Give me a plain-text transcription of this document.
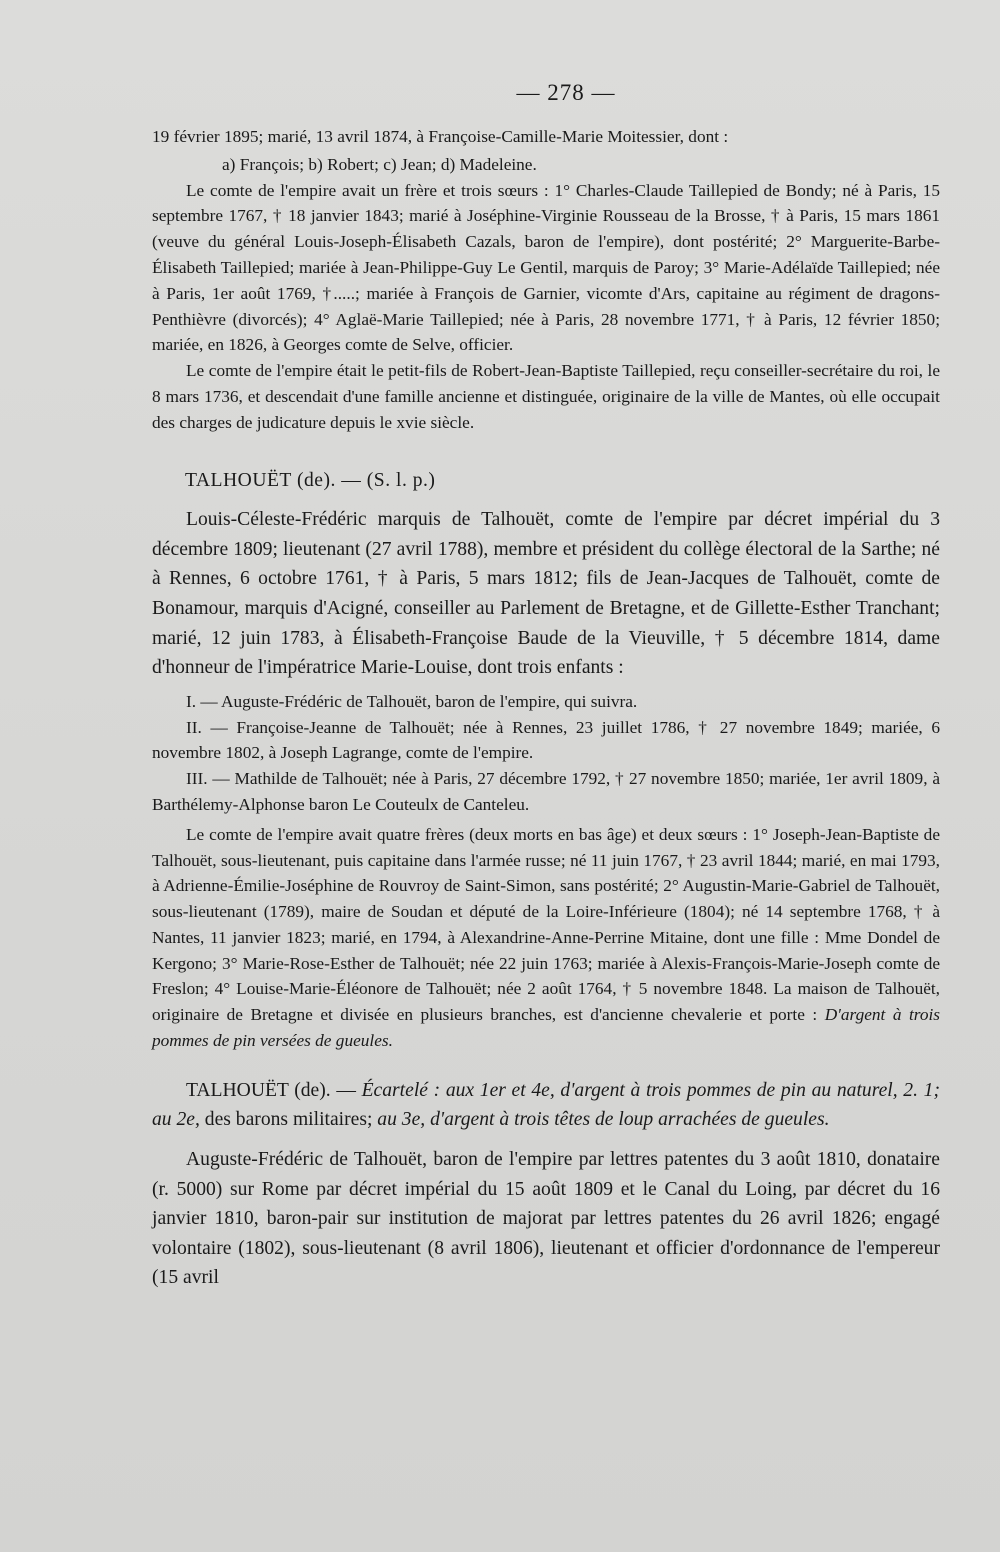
— 278 —

19 février 1895; marié, 13 avril 1874, à Françoise-Camille-Marie Moitessier, dont :

a) François; b) Robert; c) Jean; d) Madeleine.

Le comte de l'empire avait un frère et trois sœurs : 1° Charles-Claude Taillepied de Bondy; né à Paris, 15 septembre 1767, † 18 janvier 1843; marié à Joséphine-Virginie Rousseau de la Brosse, † à Paris, 15 mars 1861 (veuve du général Louis-Joseph-Élisabeth Cazals, baron de l'empire), dont postérité; 2° Marguerite-Barbe-Élisabeth Taillepied; mariée à Jean-Philippe-Guy Le Gentil, marquis de Paroy; 3° Marie-Adélaïde Taillepied; née à Paris, 1er août 1769, †.....; mariée à François de Garnier, vicomte d'Ars, capitaine au régiment de dragons-Penthièvre (divorcés); 4° Aglaë-Marie Taillepied; née à Paris, 28 novembre 1771, † à Paris, 12 février 1850; mariée, en 1826, à Georges comte de Selve, officier.

Le comte de l'empire était le petit-fils de Robert-Jean-Baptiste Taillepied, reçu conseiller-secrétaire du roi, le 8 mars 1736, et descendait d'une famille ancienne et distinguée, originaire de la ville de Mantes, où elle occupait des charges de judicature depuis le xvie siècle.

TALHOUËT (de). — (S. l. p.)

Louis-Céleste-Frédéric marquis de Talhouët, comte de l'empire par décret impérial du 3 décembre 1809; lieutenant (27 avril 1788), membre et président du collège électoral de la Sarthe; né à Rennes, 6 octobre 1761, † à Paris, 5 mars 1812; fils de Jean-Jacques de Talhouët, comte de Bonamour, marquis d'Acigné, conseiller au Parlement de Bretagne, et de Gillette-Esther Tranchant; marié, 12 juin 1783, à Élisabeth-Françoise Baude de la Vieuville, † 5 décembre 1814, dame d'honneur de l'impératrice Marie-Louise, dont trois enfants :

I. — Auguste-Frédéric de Talhouët, baron de l'empire, qui suivra.

II. — Françoise-Jeanne de Talhouët; née à Rennes, 23 juillet 1786, † 27 novembre 1849; mariée, 6 novembre 1802, à Joseph Lagrange, comte de l'empire.

III. — Mathilde de Talhouët; née à Paris, 27 décembre 1792, † 27 novembre 1850; mariée, 1er avril 1809, à Barthélemy-Alphonse baron Le Couteulx de Canteleu.

Le comte de l'empire avait quatre frères (deux morts en bas âge) et deux sœurs : 1° Joseph-Jean-Baptiste de Talhouët, sous-lieutenant, puis capitaine dans l'armée russe; né 11 juin 1767, † 23 avril 1844; marié, en mai 1793, à Adrienne-Émilie-Joséphine de Rouvroy de Saint-Simon, sans postérité; 2° Augustin-Marie-Gabriel de Talhouët, sous-lieutenant (1789), maire de Soudan et député de la Loire-Inférieure (1804); né 14 septembre 1768, † à Nantes, 11 janvier 1823; marié, en 1794, à Alexandrine-Anne-Perrine Mitaine, dont une fille : Mme Dondel de Kergono; 3° Marie-Rose-Esther de Talhouët; née 22 juin 1763; mariée à Alexis-François-Marie-Joseph comte de Freslon; 4° Louise-Marie-Éléonore de Talhouët; née 2 août 1764, † 5 novembre 1848. La maison de Talhouët, originaire de Bretagne et divisée en plusieurs branches, est d'ancienne chevalerie et porte : D'argent à trois pommes de pin versées de gueules.

TALHOUËT (de). — Écartelé : aux 1er et 4e, d'argent à trois pommes de pin au naturel, 2. 1; au 2e, des barons militaires; au 3e, d'argent à trois têtes de loup arrachées de gueules.

Auguste-Frédéric de Talhouët, baron de l'empire par lettres patentes du 3 août 1810, donataire (r. 5000) sur Rome par décret impérial du 15 août 1809 et le Canal du Loing, par décret du 16 janvier 1810, baron-pair sur institution de majorat par lettres patentes du 26 avril 1826; engagé volontaire (1802), sous-lieutenant (8 avril 1806), lieutenant et officier d'ordonnance de l'empereur (15 avril
